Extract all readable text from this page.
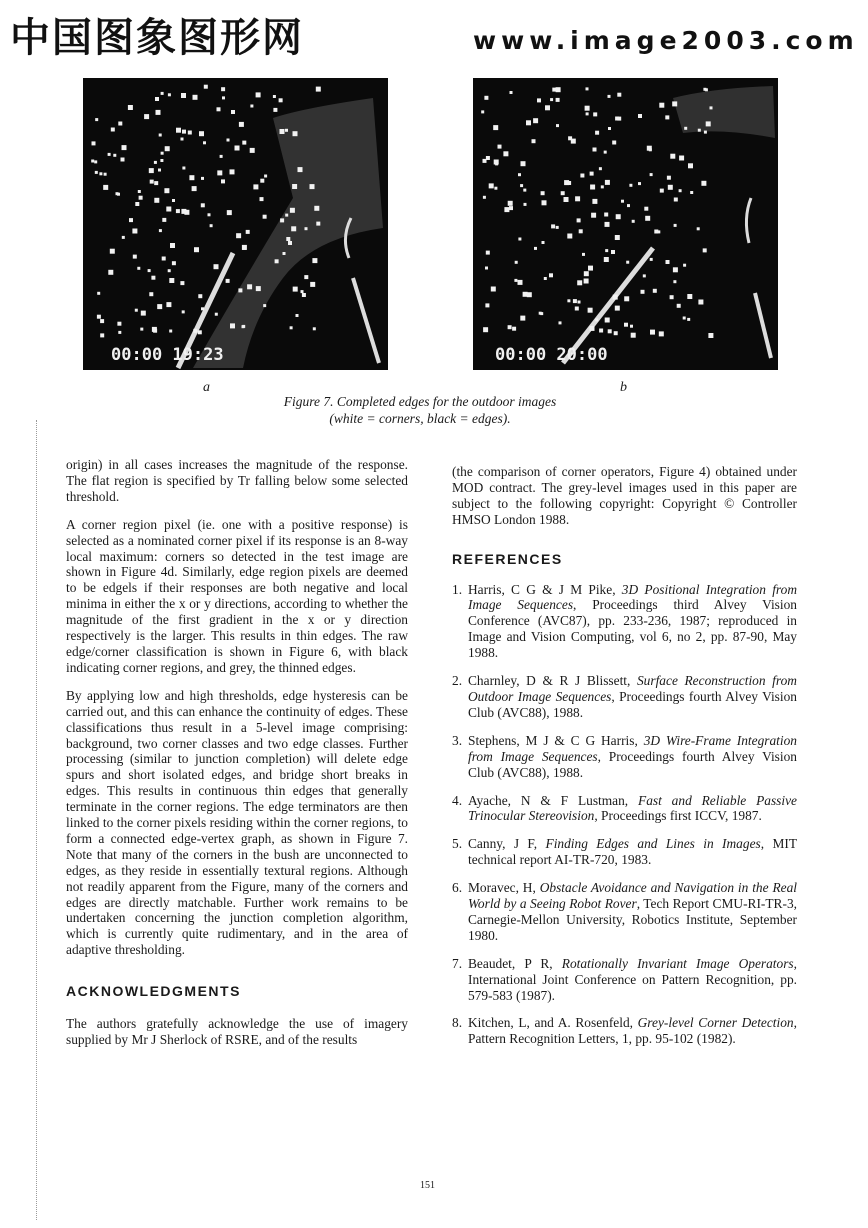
中国图象图形网	www.image2003.com
00:00 19:23	00:00 20:00
a	b
Figure 7. Completed edges for the outdoor images
(white = corners, black = edges).

origin) in all cases increases the magnitude of the response. The flat region is specified by Tr falling below some selected threshold.

A corner region pixel (ie. one with a positive response) is selected as a nominated corner pixel if its response is an 8-way local maximum: corners so detected in the test image are shown in Figure 4d. Similarly, edge region pixels are deemed to be edgels if their responses are both negative and local minima in either the x or y directions, according to whether the magnitude of the first gradient in the x or y direction respectively is the larger. This results in thin edges. The raw edge/corner classification is shown in Figure 6, with black indicating corner regions, and grey, the thinned edges.

By applying low and high thresholds, edge hysteresis can be carried out, and this can enhance the continuity of edges. These classifications thus result in a 5-level image comprising: background, two corner classes and two edge classes. Further processing (similar to junction completion) will delete edge spurs and short isolated edges, and bridge short breaks in edges. This results in continuous thin edges that generally terminate in the corner regions. The edge terminators are then linked to the corner pixels residing within the corner regions, to form a connected edge-vertex graph, as shown in Figure 7. Note that many of the corners in the bush are unconnected to edges, as they reside in essentially textural regions. Although not readily apparent from the Figure, many of the corners and edges are directly matchable. Further work remains to be undertaken concerning the junction completion algorithm, which is currently quite rudimentary, and in the area of adaptive thresholding.

ACKNOWLEDGMENTS

The authors gratefully acknowledge the use of imagery supplied by Mr J Sherlock of RSRE, and of the results

(the comparison of corner operators, Figure 4) obtained under MOD contract. The grey-level images used in this paper are subject to the following copyright: Copyright © Controller HMSO London 1988.

REFERENCES
1. Harris, C G & J M Pike, 3D Positional Integration from Image Sequences, Proceedings third Alvey Vision Conference (AVC87), pp. 233-236, 1987; reproduced in Image and Vision Computing, vol 6, no 2, pp. 87-90, May 1988.
2. Charnley, D & R J Blissett, Surface Reconstruction from Outdoor Image Sequences, Proceedings fourth Alvey Vision Club (AVC88), 1988.
3. Stephens, M J & C G Harris, 3D Wire-Frame Integration from Image Sequences, Proceedings fourth Alvey Vision Club (AVC88), 1988.
4. Ayache, N & F Lustman, Fast and Reliable Passive Trinocular Stereovision, Proceedings first ICCV, 1987.
5. Canny, J F, Finding Edges and Lines in Images, MIT technical report AI-TR-720, 1983.
6. Moravec, H, Obstacle Avoidance and Navigation in the Real World by a Seeing Robot Rover, Tech Report CMU-RI-TR-3, Carnegie-Mellon University, Robotics Institute, September 1980.
7. Beaudet, P R, Rotationally Invariant Image Operators, International Joint Conference on Pattern Recognition, pp. 579-583 (1987).
8. Kitchen, L, and A. Rosenfeld, Grey-level Corner Detection, Pattern Recognition Letters, 1, pp. 95-102 (1982).
151
